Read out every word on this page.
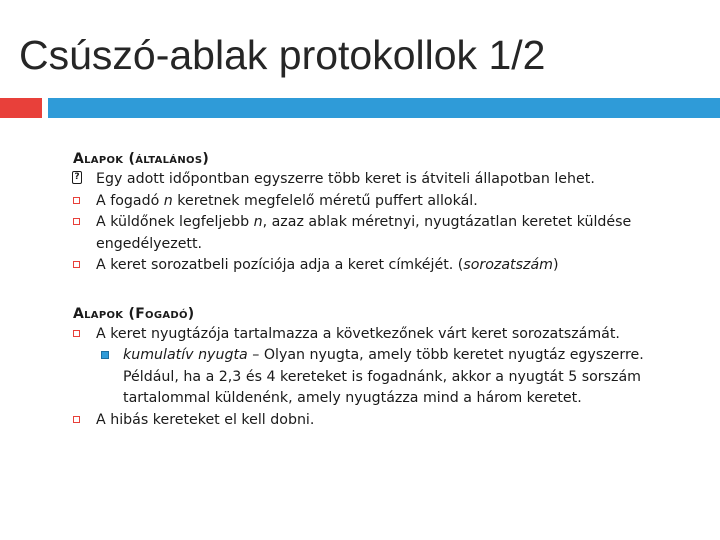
Csúszó-ablak protokollok 1/2
Alapok (általános)
? Egy adott időpontban egyszerre több keret is átviteli állapotban lehet.
A fogadó n keretnek megfelelő méretű puffert allokál.
A küldőnek legfeljebb n, azaz ablak méretnyi, nyugtázatlan keretet küldése engedélyezett.
A keret sorozatbeli pozíciója adja a keret címkéjét. (sorozatszám)
Alapok (Fogadó)
A keret nyugtázója tartalmazza a következőnek várt keret sorozatszámát.
kumulatív nyugta – Olyan nyugta, amely több keretet nyugtáz egyszerre. Például, ha a 2,3 és 4 kereteket is fogadnánk, akkor a nyugtát 5 sorszám tartalommal küldenénk, amely nyugtázza mind a három keretet.
A hibás kereteket el kell dobni.
